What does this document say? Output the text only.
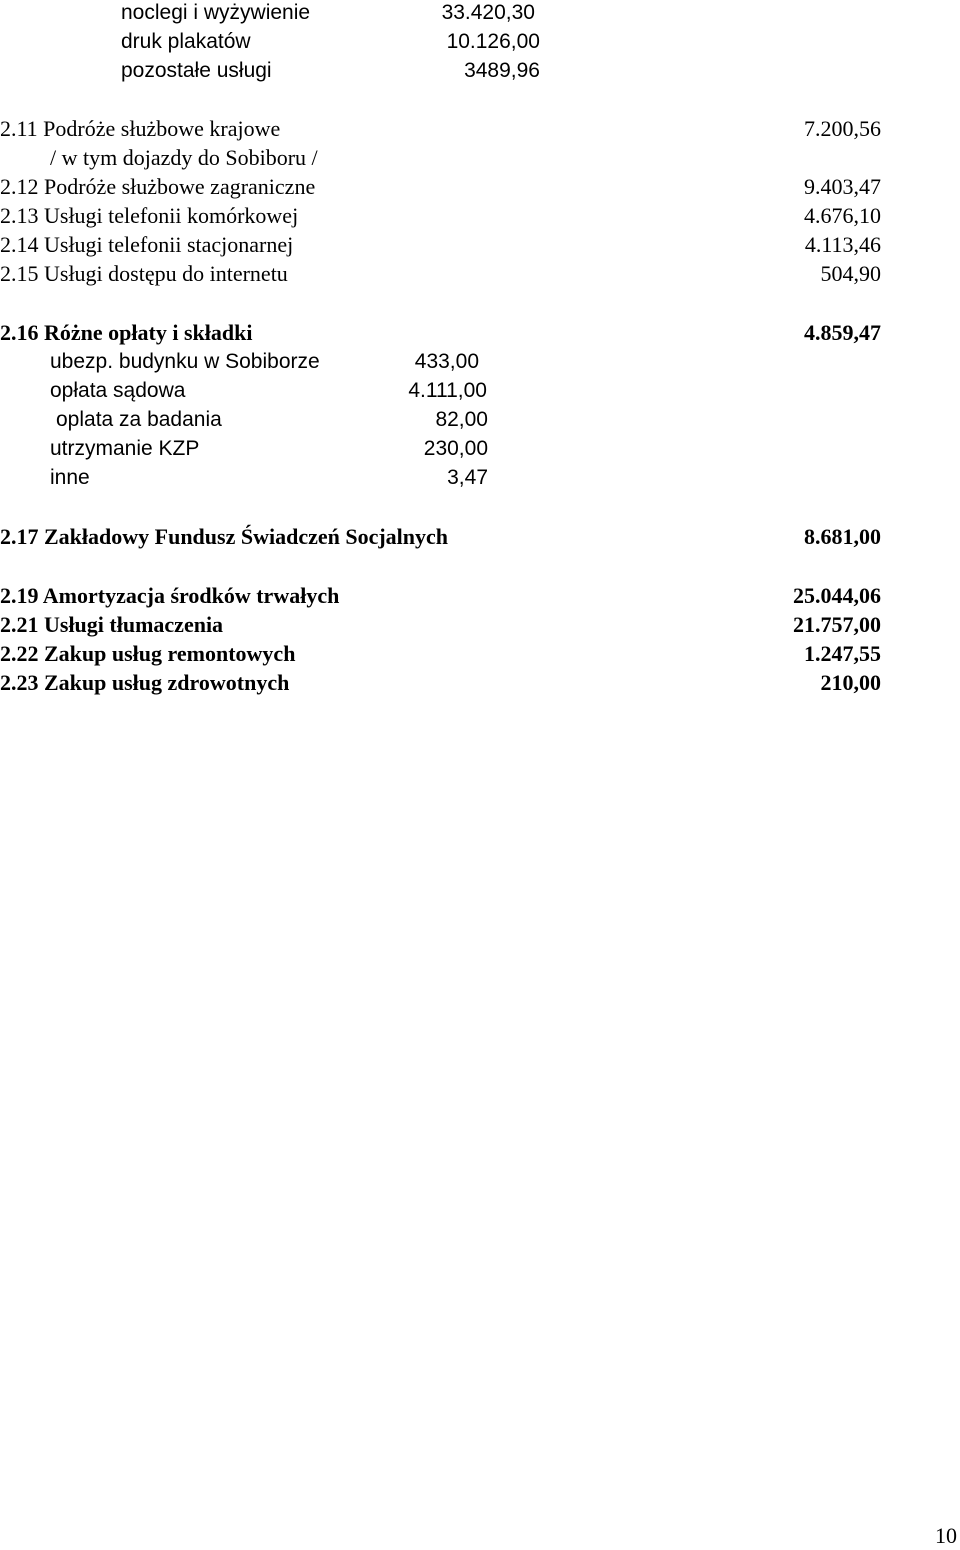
noclegi i wyżywienie	33.420,30
druk plakatów	10.126,00
pozostałe usługi	3489,96
2.11 Podróże służbowe krajowe	7.200,56
/ w tym dojazdy do Sobiboru /
2.12 Podróże służbowe zagraniczne	9.403,47
2.13 Usługi telefonii komórkowej	4.676,10
2.14 Usługi telefonii stacjonarnej	4.113,46
2.15 Usługi dostępu do internetu	504,90
2.16 Różne opłaty i składki	4.859,47
ubezp. budynku w Sobiborze	433,00
opłata sądowa	4.111,00
oplata za badania	82,00
utrzymanie KZP	230,00
inne	3,47
2.17 Zakładowy Fundusz Świadczeń Socjalnych	8.681,00
2.19 Amortyzacja środków trwałych	25.044,06
2.21 Usługi tłumaczenia	21.757,00
2.22 Zakup usług remontowych	1.247,55
2.23 Zakup usług zdrowotnych	210,00
10
